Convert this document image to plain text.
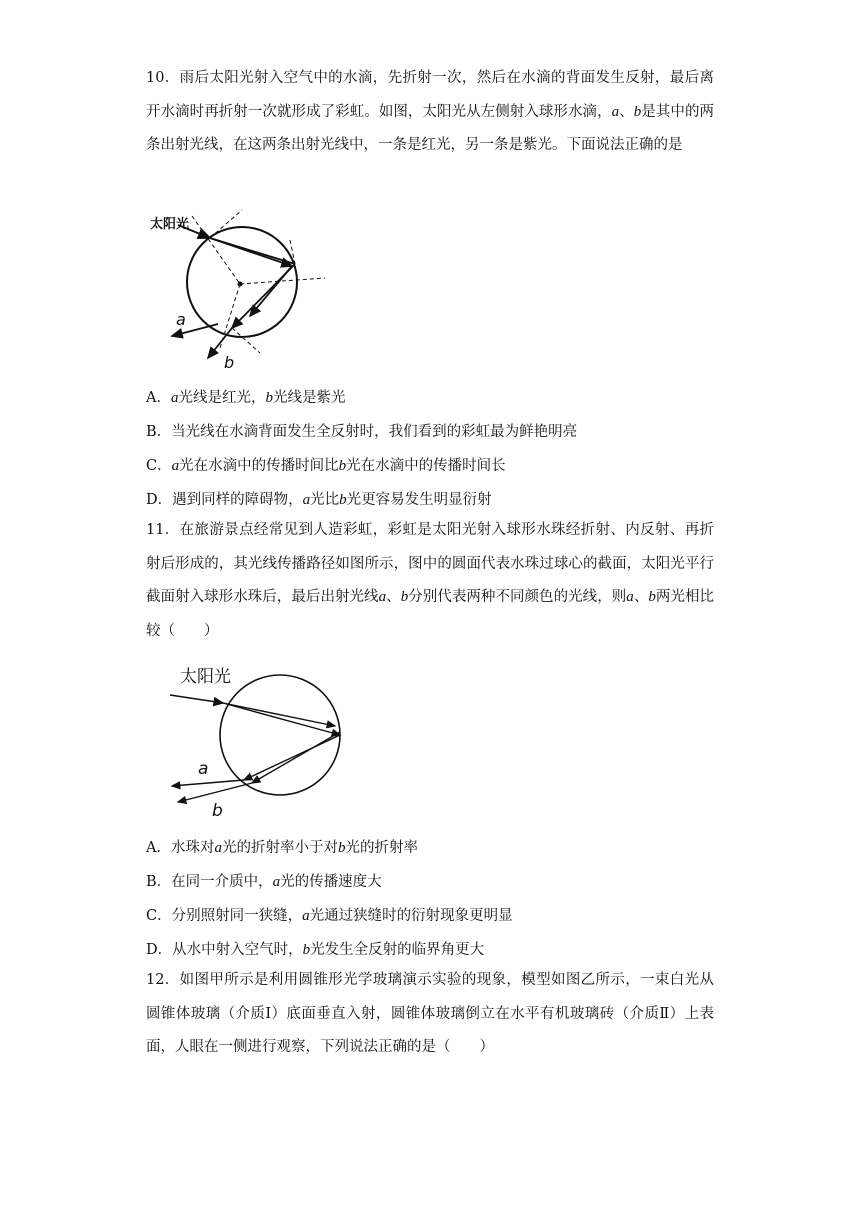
10．雨后太阳光射入空气中的水滴，先折射一次，然后在水滴的背面发生反射，最后离开水滴时再折射一次就形成了彩虹。如图，太阳光从左侧射入球形水滴，a、b是其中的两条出射光线，在这两条出射光线中，一条是红光，另一条是紫光。下面说法正确的是

太阳光
a
b
A．a光线是红光，b光线是紫光
B．当光线在水滴背面发生全反射时，我们看到的彩虹最为鲜艳明亮
C．a光在水滴中的传播时间比b光在水滴中的传播时间长
D．遇到同样的障碍物，a光比b光更容易发生明显衍射

11．在旅游景点经常见到人造彩虹，彩虹是太阳光射入球形水珠经折射、内反射、再折射后形成的，其光线传播路径如图所示，图中的圆面代表水珠过球心的截面，太阳光平行截面射入球形水珠后，最后出射光线a、b分别代表两种不同颜色的光线，则a、b两光相比较（　　）

太阳光
a
b
A．水珠对a光的折射率小于对b光的折射率
B．在同一介质中，a光的传播速度大
C．分别照射同一狭缝，a光通过狭缝时的衍射现象更明显
D．从水中射入空气时，b光发生全反射的临界角更大

12．如图甲所示是利用圆锥形光学玻璃演示实验的现象，模型如图乙所示，一束白光从圆锥体玻璃（介质Ⅰ）底面垂直入射，圆锥体玻璃倒立在水平有机玻璃砖（介质Ⅱ）上表面，人眼在一侧进行观察，下列说法正确的是（　　）
